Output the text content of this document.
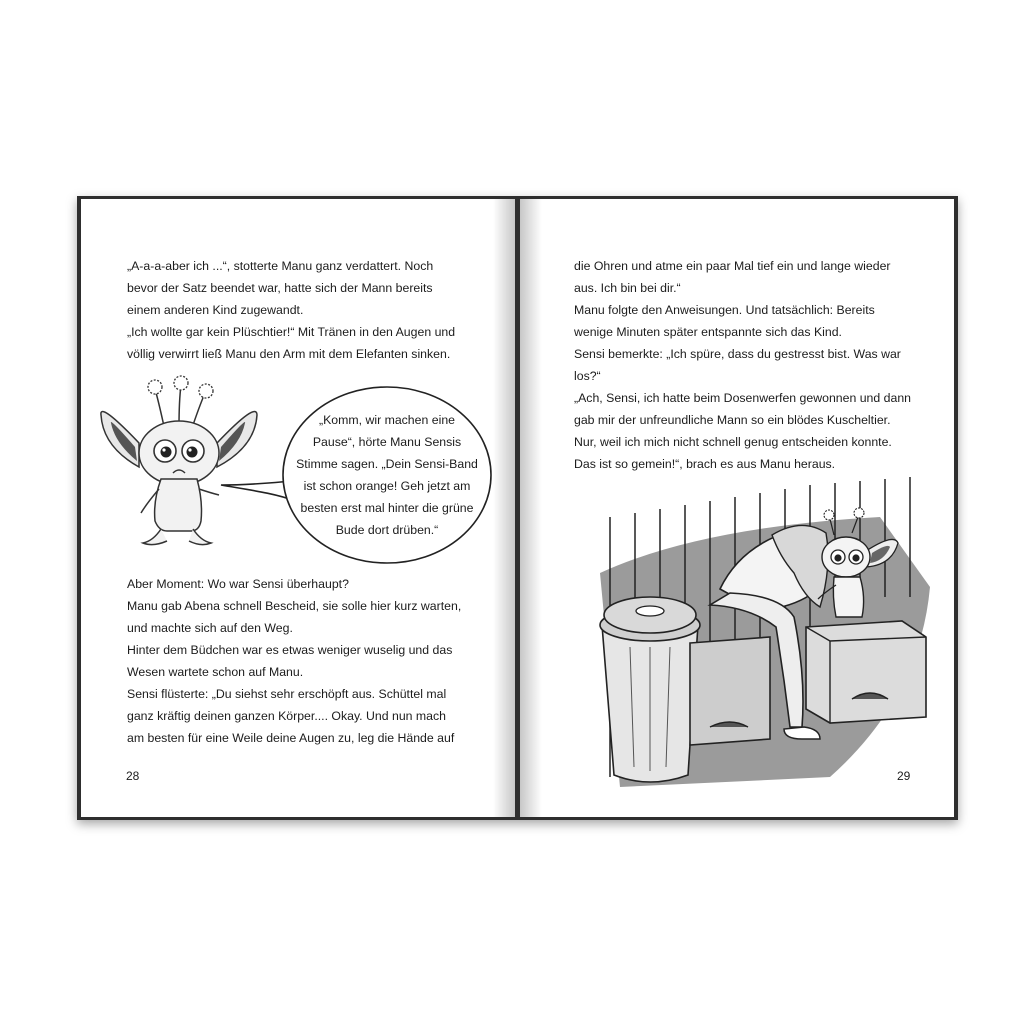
„A-a-a-aber ich ...“, stotterte Manu ganz verdattert. Noch
bevor der Satz beendet war, hatte sich der Mann bereits
einem anderen Kind zugewandt.
„Ich wollte gar kein Plüschtier!“ Mit Tränen in den Augen und
völlig verwirrt ließ Manu den Arm mit dem Elefanten sinken.
„Komm, wir machen eine
Pause“, hörte Manu Sensis
Stimme sagen. „Dein Sensi-Band
ist schon orange! Geh jetzt am
besten erst mal hinter die grüne
Bude dort drüben.“
Aber Moment: Wo war Sensi überhaupt?
Manu gab Abena schnell Bescheid, sie solle hier kurz warten,
und machte sich auf den Weg.
Hinter dem Büdchen war es etwas weniger wuselig und das
Wesen wartete schon auf Manu.
Sensi flüsterte: „Du siehst sehr erschöpft aus. Schüttel mal
ganz kräftig deinen ganzen Körper.... Okay. Und nun mach
am besten für eine Weile deine Augen zu, leg die Hände auf
28
die Ohren und atme ein paar Mal tief ein und lange wieder
aus. Ich bin bei dir.“
Manu folgte den Anweisungen. Und tatsächlich: Bereits
wenige Minuten später entspannte sich das Kind.
Sensi bemerkte: „Ich spüre, dass du gestresst bist. Was war
los?“
„Ach, Sensi, ich hatte beim Dosenwerfen gewonnen und dann
gab mir der unfreundliche Mann so ein blödes Kuscheltier.
Nur, weil ich mich nicht schnell genug entscheiden konnte.
Das ist so gemein!“, brach es aus Manu heraus.
29
